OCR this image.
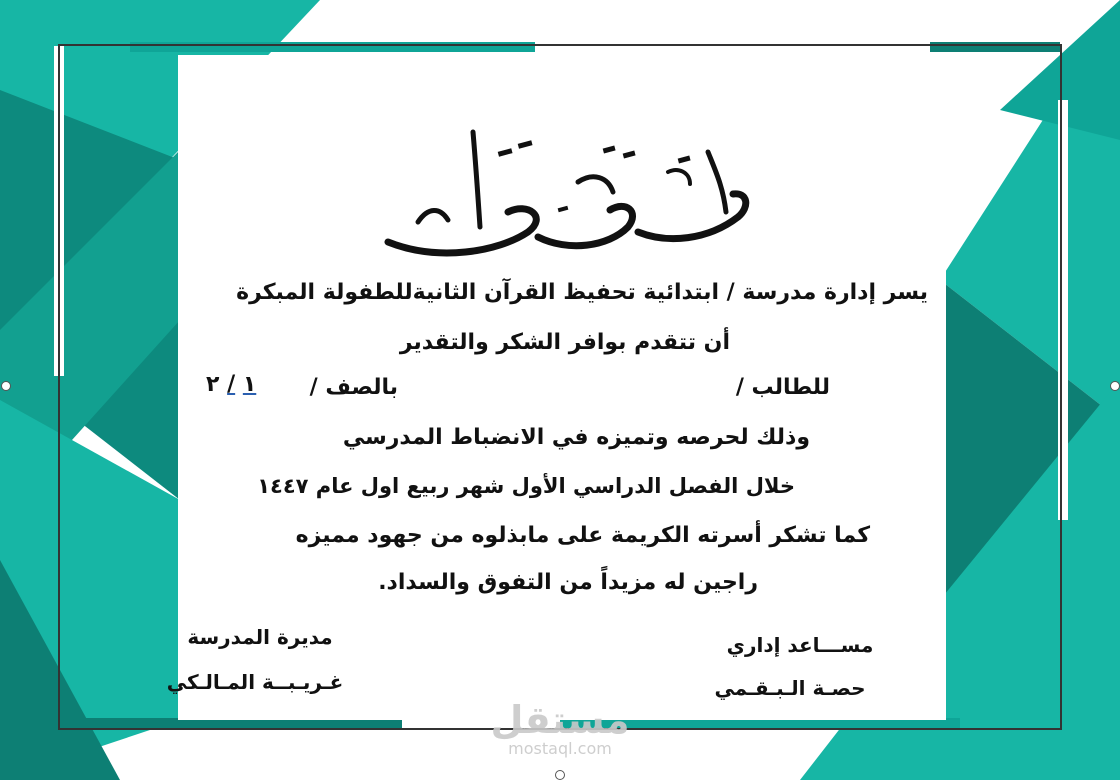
يسر إدارة مدرسة / ابتدائية تحفيظ القرآن الثانيةللطفولة المبكرة
أن تتقدم بوافر الشكر والتقدير
للطالب /
بالصف /
١ / ٢
وذلك لحرصه وتميزه في الانضباط المدرسي
خلال الفصل الدراسي الأول شهر ربيع اول عام ١٤٤٧
كما تشكر أسرته الكريمة على مابذلوه من جهود مميزه
راجين له مزيداً من التفوق والسداد.
مديرة المدرسة
غـريـبــة المـالـكي
مســـاعد إداري
حصـة الـبـقـمي
مستقل
mostaql.com
